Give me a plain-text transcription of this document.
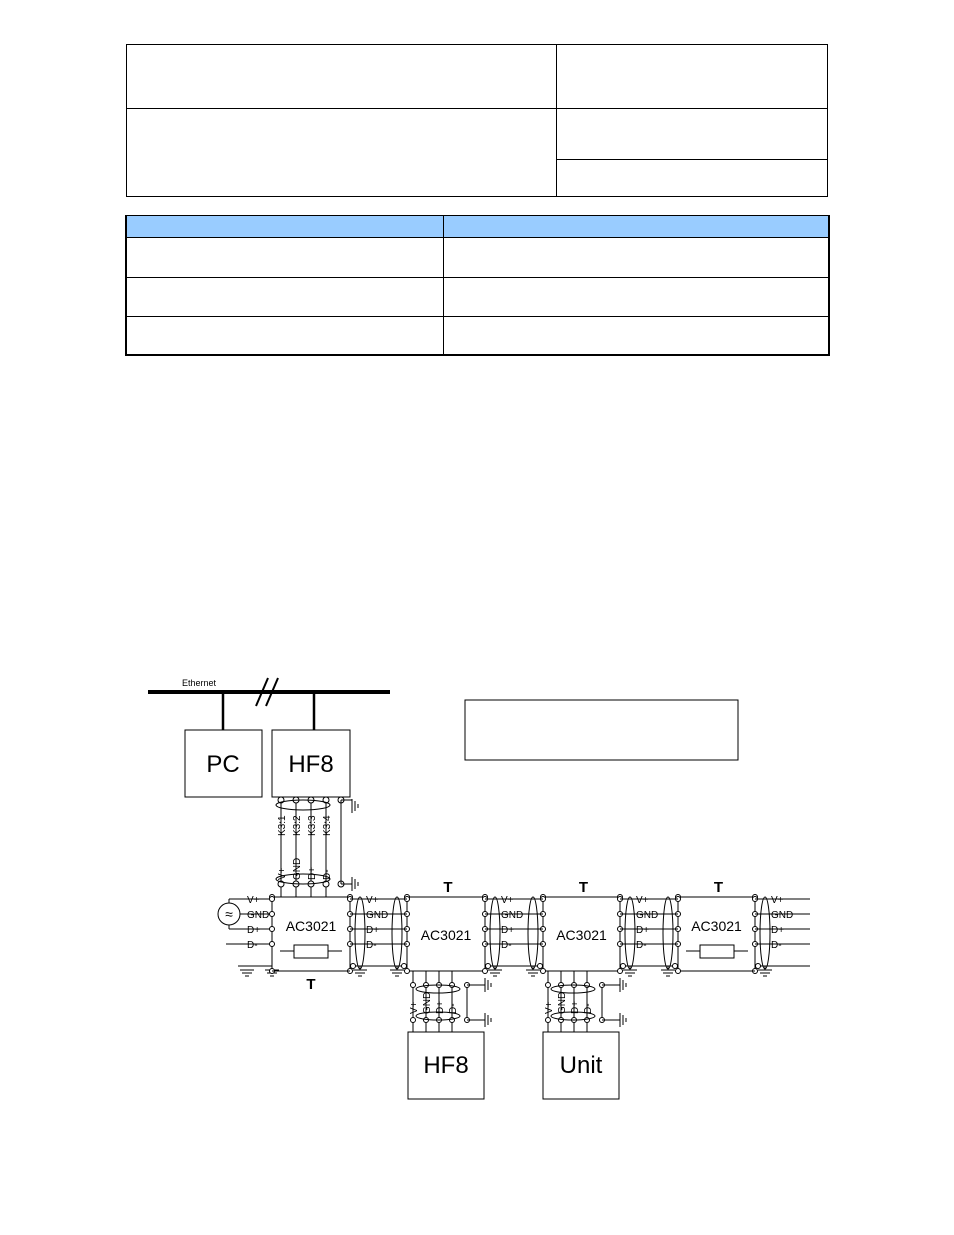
Ethernet
PC HF8
K3:1
V+
K3:2
GND
K3:3
D+
K3:4
D-
≈
V+
GND
D+
D-
AC3021
AC3021
T
AC3021
T
AC3021
T
T
V+
GND
D+
D-
V+
GND
D+
D-
V+
GND
D+
D-
V+
GND
D+
D-
V+ GND D+ D-
HF8
V+ GND D+ D-
Unit
